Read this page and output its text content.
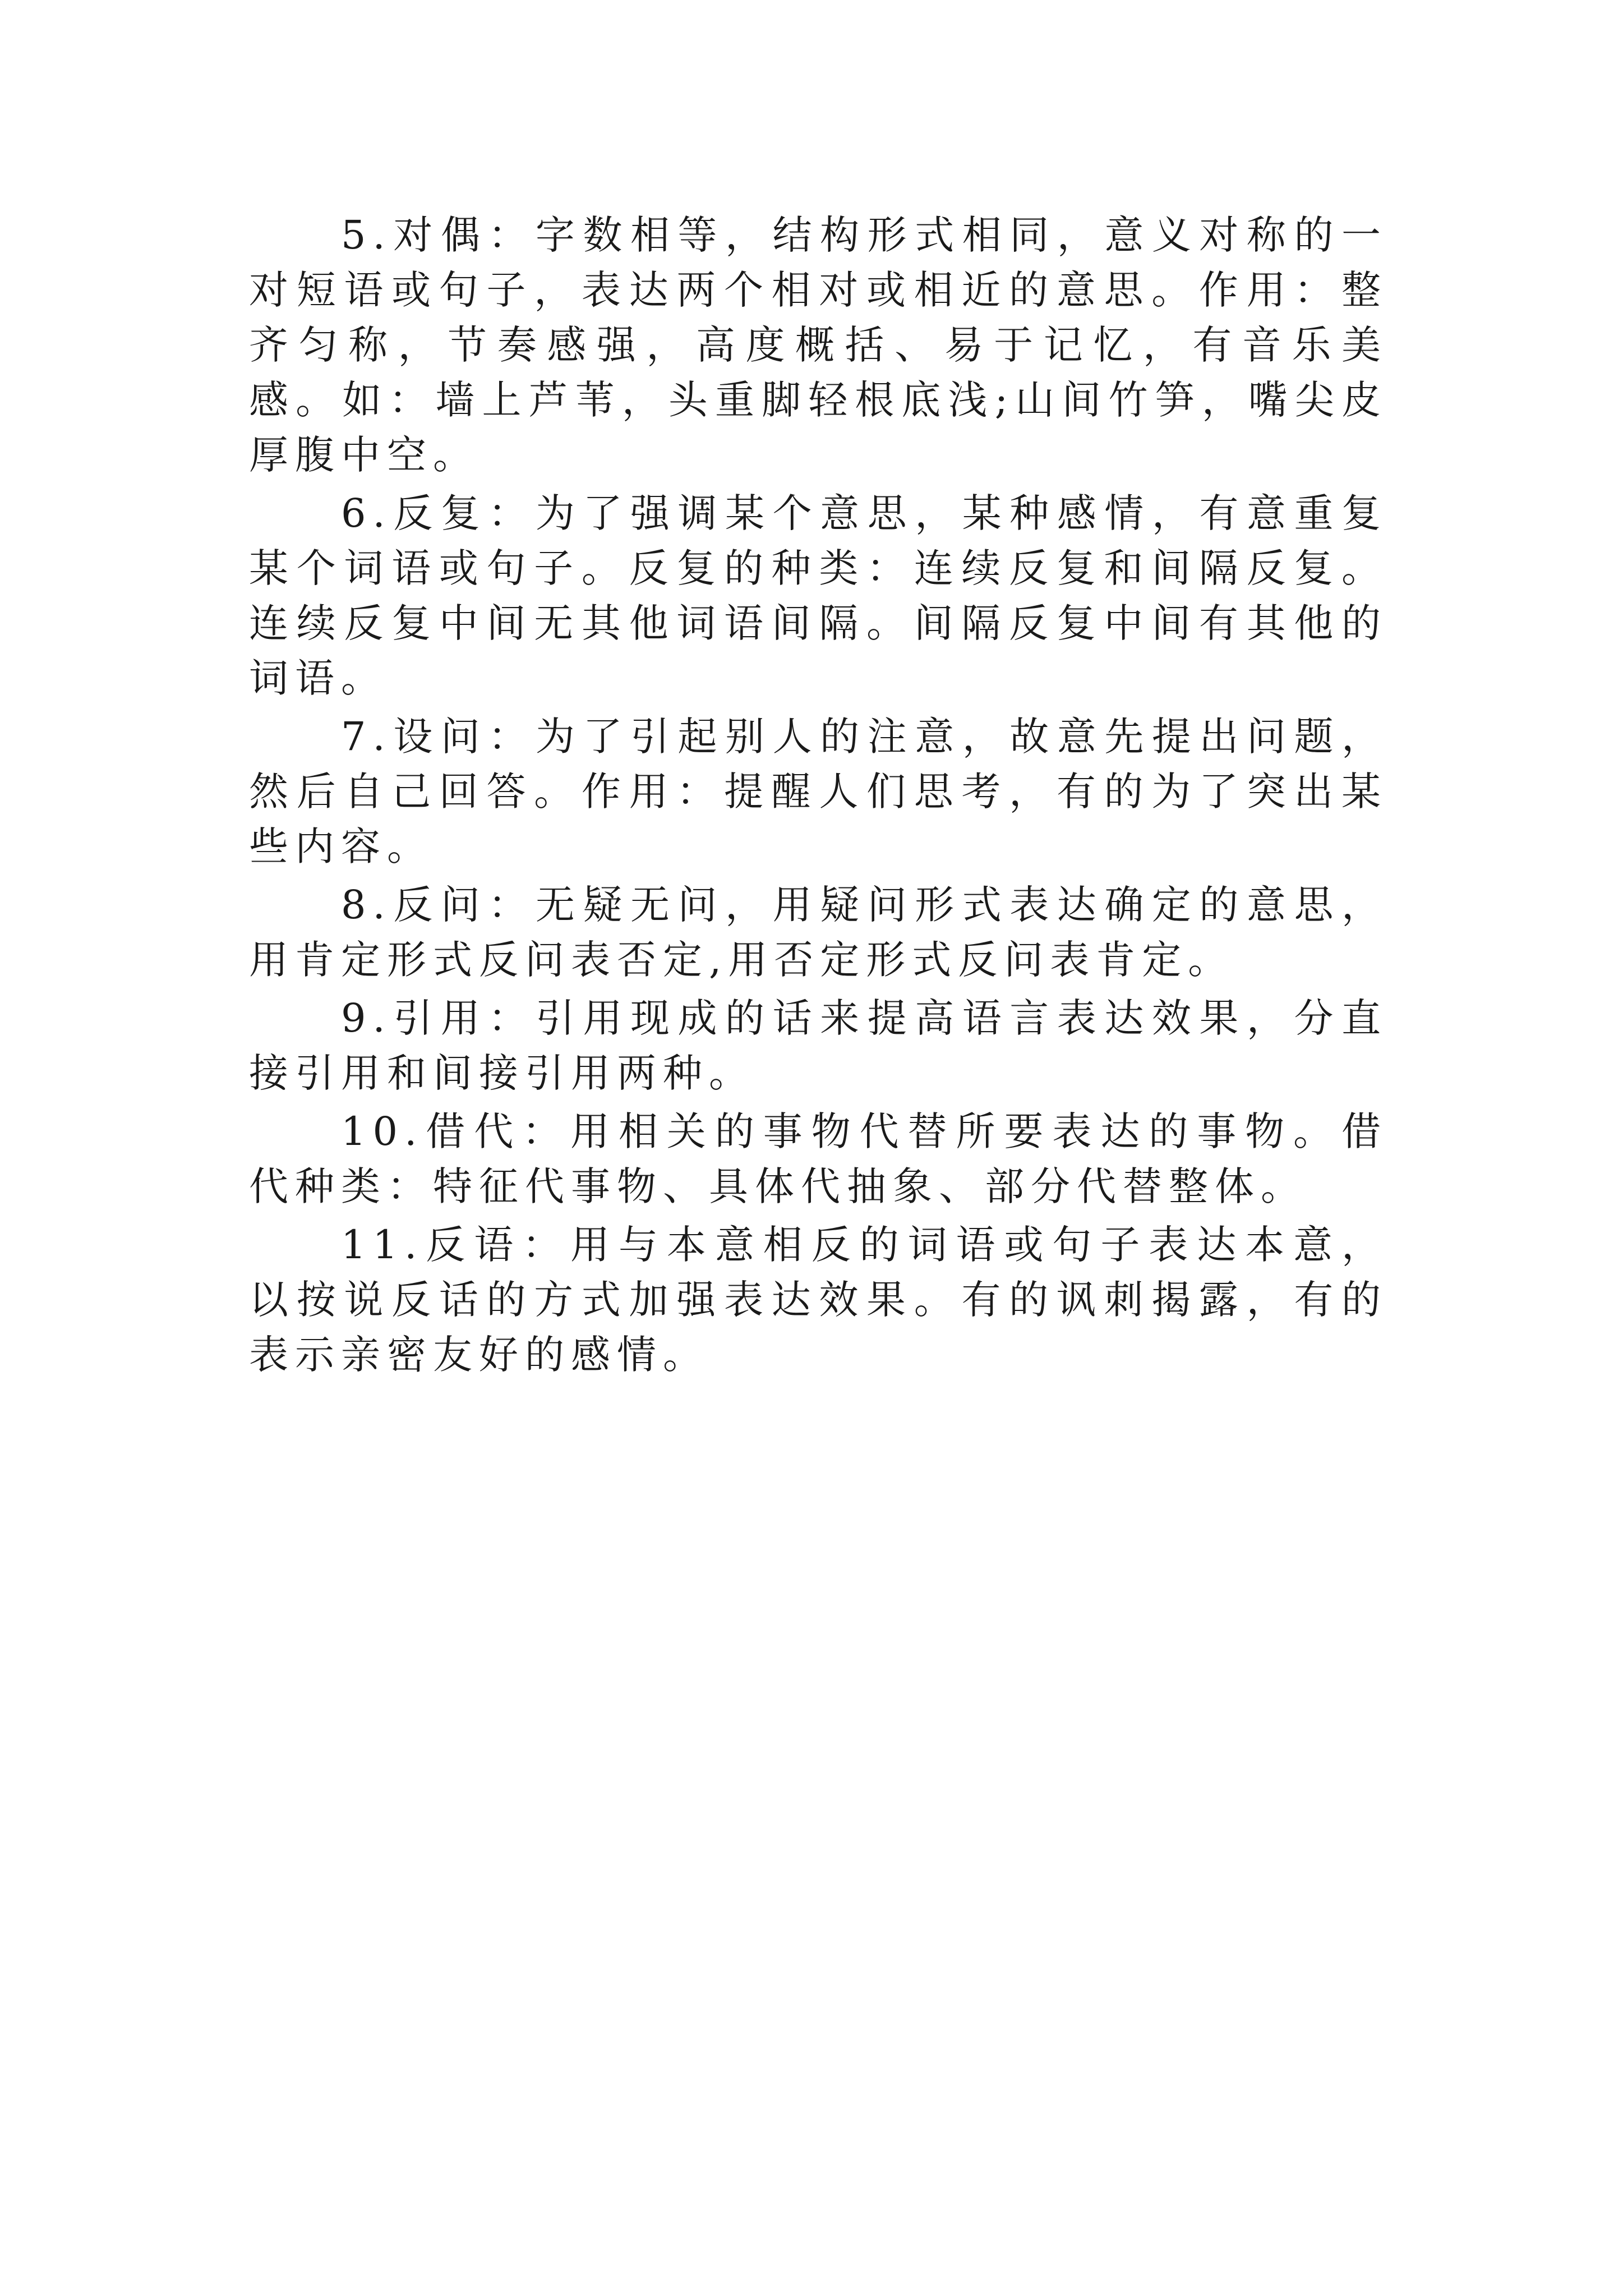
5.对偶：字数相等，结构形式相同，意义对称的一对短语或句子，表达两个相对或相近的意思。作用：整齐匀称，节奏感强，高度概括、易于记忆，有音乐美感。如：墙上芦苇，头重脚轻根底浅;山间竹笋，嘴尖皮厚腹中空。

6.反复：为了强调某个意思，某种感情，有意重复某个词语或句子。反复的种类：连续反复和间隔反复。连续反复中间无其他词语间隔。间隔反复中间有其他的词语。

7.设问：为了引起别人的注意，故意先提出问题，然后自己回答。作用：提醒人们思考，有的为了突出某些内容。

8.反问：无疑无问，用疑问形式表达确定的意思，用肯定形式反问表否定,用否定形式反问表肯定。

9.引用：引用现成的话来提高语言表达效果，分直接引用和间接引用两种。

10.借代：用相关的事物代替所要表达的事物。借代种类：特征代事物、具体代抽象、部分代替整体。

11.反语：用与本意相反的词语或句子表达本意，以按说反话的方式加强表达效果。有的讽刺揭露，有的表示亲密友好的感情。
